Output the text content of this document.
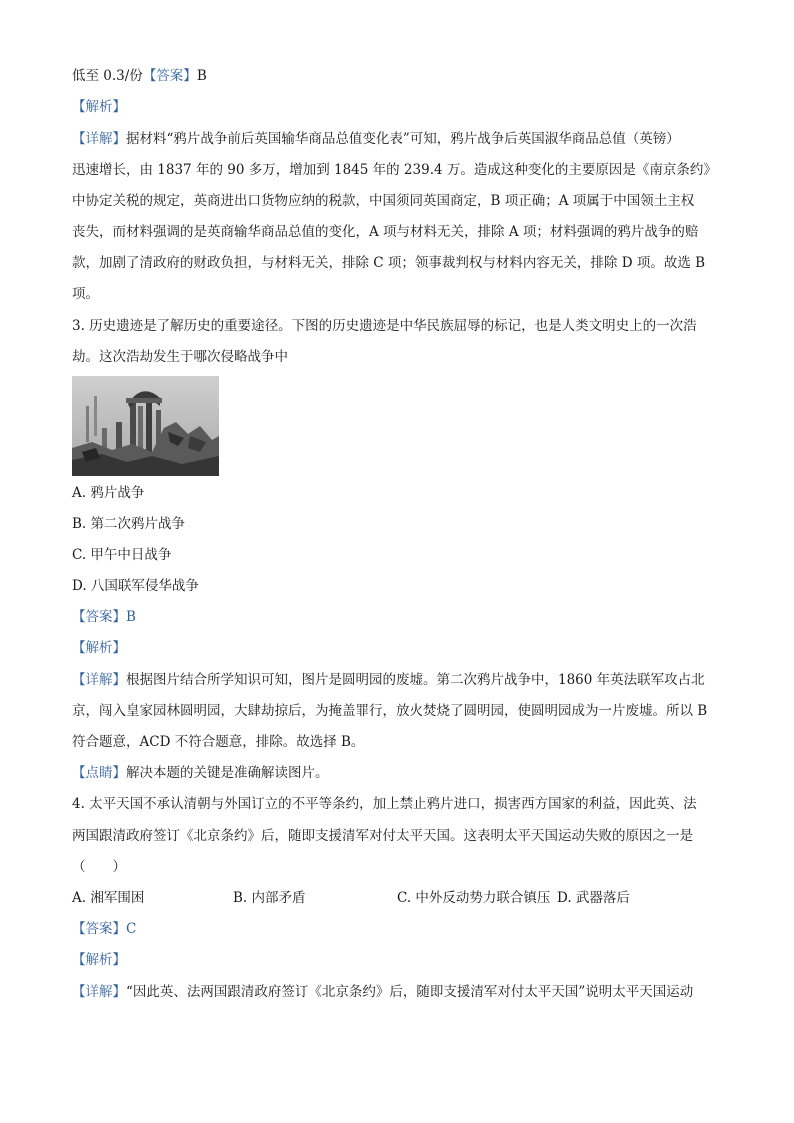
低至 0.3/份【答案】B
【解析】
【详解】据材料“鸦片战争前后英国输华商品总值变化表”可知，鸦片战争后英国淑华商品总值（英镑）
迅速增长，由 1837 年的 90 多万，增加到 1845 年的 239.4 万。造成这种变化的主要原因是《南京条约》
中协定关税的规定，英商进出口货物应纳的税款，中国须同英国商定，B 项正确；A 项属于中国领土主权
丧失，而材料强调的是英商输华商品总值的变化，A 项与材料无关，排除 A 项；材料强调的鸦片战争的赔
款，加剧了清政府的财政负担，与材料无关，排除 C 项；领事裁判权与材料内容无关，排除 D 项。故选 B
项。
3. 历史遗迹是了解历史的重要途径。下图的历史遗迹是中华民族屈辱的标记，也是人类文明史上的一次浩
劫。这次浩劫发生于哪次侵略战争中
A. 鸦片战争
B. 第二次鸦片战争
C. 甲午中日战争
D. 八国联军侵华战争
【答案】B
【解析】
【详解】根据图片结合所学知识可知，图片是圆明园的废墟。第二次鸦片战争中，1860 年英法联军攻占北
京，闯入皇家园林圆明园，大肆劫掠后，为掩盖罪行，放火焚烧了圆明园，使圆明园成为一片废墟。所以 B
符合题意，ACD 不符合题意，排除。故选择 B。
【点睛】解决本题的关键是准确解读图片。
4. 太平天国不承认清朝与外国订立的不平等条约，加上禁止鸦片进口，损害西方国家的利益，因此英、法
两国跟清政府签订《北京条约》后，随即支援清军对付太平天国。这表明太平天国运动失败的原因之一是
（　　）
A. 湘军围困	B. 内部矛盾	C. 中外反动势力联合镇压 D. 武器落后
【答案】C
【解析】
【详解】“因此英、法两国跟清政府签订《北京条约》后，随即支援清军对付太平天国”说明太平天国运动
